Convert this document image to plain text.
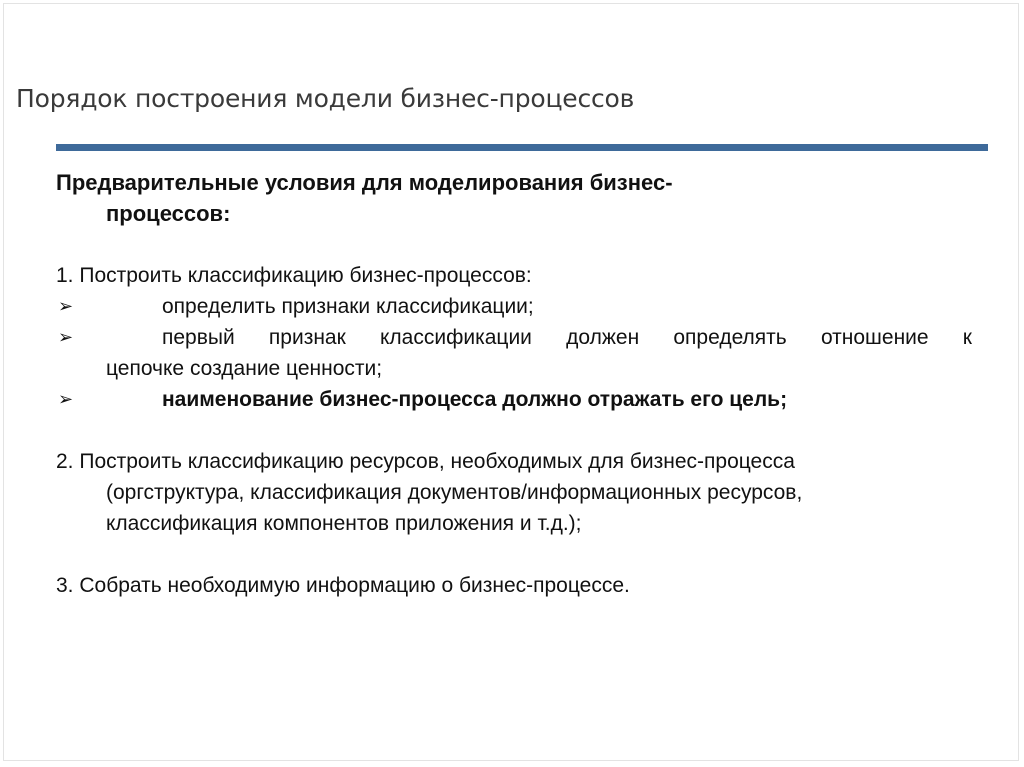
Порядок построения модели бизнес-процессов
Предварительные условия для моделирования бизнес-
процессов:
1. Построить классификацию бизнес-процессов:
➢	определить признаки классификации;
➢	первый признак классификации должен определять отношение к
цепочке создание ценности;
➢	наименование бизнес-процесса должно отражать его цель;
2. Построить классификацию ресурсов, необходимых для бизнес-процесса
(оргструктура, классификация документов/информационных ресурсов,
классификация компонентов приложения и т.д.);
3. Собрать необходимую информацию о бизнес-процессе.
